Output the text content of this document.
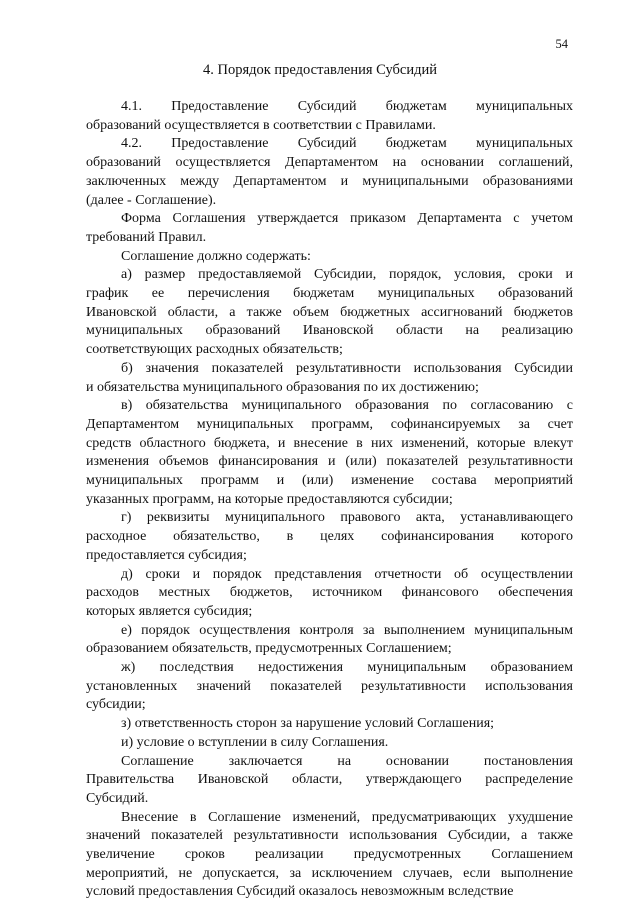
54
4. Порядок предоставления Субсидий
4.1. Предоставление Субсидий бюджетам муниципальных
образований осуществляется в соответствии с Правилами.
4.2. Предоставление Субсидий бюджетам муниципальных
образований осуществляется Департаментом на основании соглашений,
заключенных между Департаментом и муниципальными образованиями
(далее - Соглашение).
Форма Соглашения утверждается приказом Департамента с учетом
требований Правил.
Соглашение должно содержать:
а) размер предоставляемой Субсидии, порядок, условия, сроки и
график ее перечисления бюджетам муниципальных образований
Ивановской области, а также объем бюджетных ассигнований бюджетов
муниципальных образований Ивановской области на реализацию
соответствующих расходных обязательств;
б) значения показателей результативности использования Субсидии
и обязательства муниципального образования по их достижению;
в) обязательства муниципального образования по согласованию с
Департаментом муниципальных программ, софинансируемых за счет
средств областного бюджета, и внесение в них изменений, которые влекут
изменения объемов финансирования и (или) показателей результативности
муниципальных программ и (или) изменение состава мероприятий
указанных программ, на которые предоставляются субсидии;
г) реквизиты муниципального правового акта, устанавливающего
расходное обязательство, в целях софинансирования которого
предоставляется субсидия;
д) сроки и порядок представления отчетности об осуществлении
расходов местных бюджетов, источником финансового обеспечения
которых является субсидия;
е) порядок осуществления контроля за выполнением муниципальным
образованием обязательств, предусмотренных Соглашением;
ж) последствия недостижения муниципальным образованием
установленных значений показателей результативности использования
субсидии;
з) ответственность сторон за нарушение условий Соглашения;
и) условие о вступлении в силу Соглашения.
Соглашение заключается на основании постановления
Правительства Ивановской области, утверждающего распределение
Субсидий.
Внесение в Соглашение изменений, предусматривающих ухудшение
значений показателей результативности использования Субсидии, а также
увеличение сроков реализации предусмотренных Соглашением
мероприятий, не допускается, за исключением случаев, если выполнение
условий предоставления Субсидий оказалось невозможным вследствие
